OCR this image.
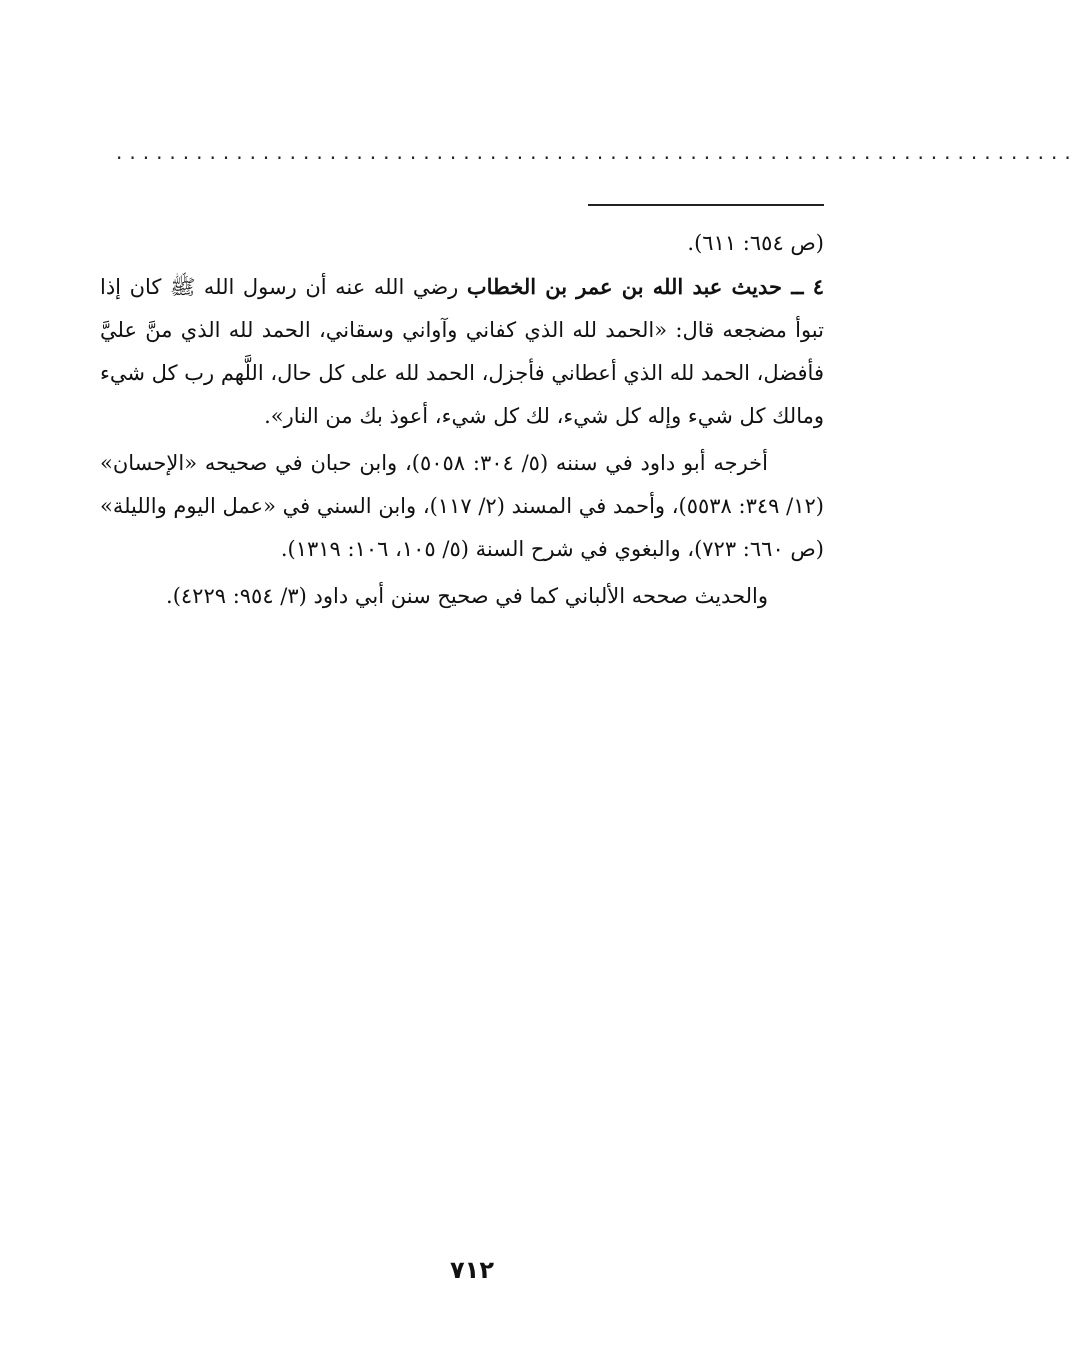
........................................................................

(ص ٦٥٤: ٦١١).

٤ ــ حديث عبد الله بن عمر بن الخطاب رضي الله عنه أن رسول الله ﷺ كان إذا تبوأ مضجعه قال: «الحمد لله الذي كفاني وآواني وسقاني، الحمد لله الذي منَّ عليَّ فأفضل، الحمد لله الذي أعطاني فأجزل، الحمد لله على كل حال، اللَّهم رب كل شيء ومالك كل شيء وإله كل شيء، لك كل شيء، أعوذ بك من النار».

أخرجه أبو داود في سننه (٥/ ٣٠٤: ٥٠٥٨)، وابن حبان في صحيحه «الإحسان» (١٢/ ٣٤٩: ٥٥٣٨)، وأحمد في المسند (٢/ ١١٧)، وابن السني في «عمل اليوم والليلة» (ص ٦٦٠: ٧٢٣)، والبغوي في شرح السنة (٥/ ١٠٥، ١٠٦: ١٣١٩).

والحديث صححه الألباني كما في صحيح سنن أبي داود (٣/ ٩٥٤: ٤٢٢٩).

٧١٢
